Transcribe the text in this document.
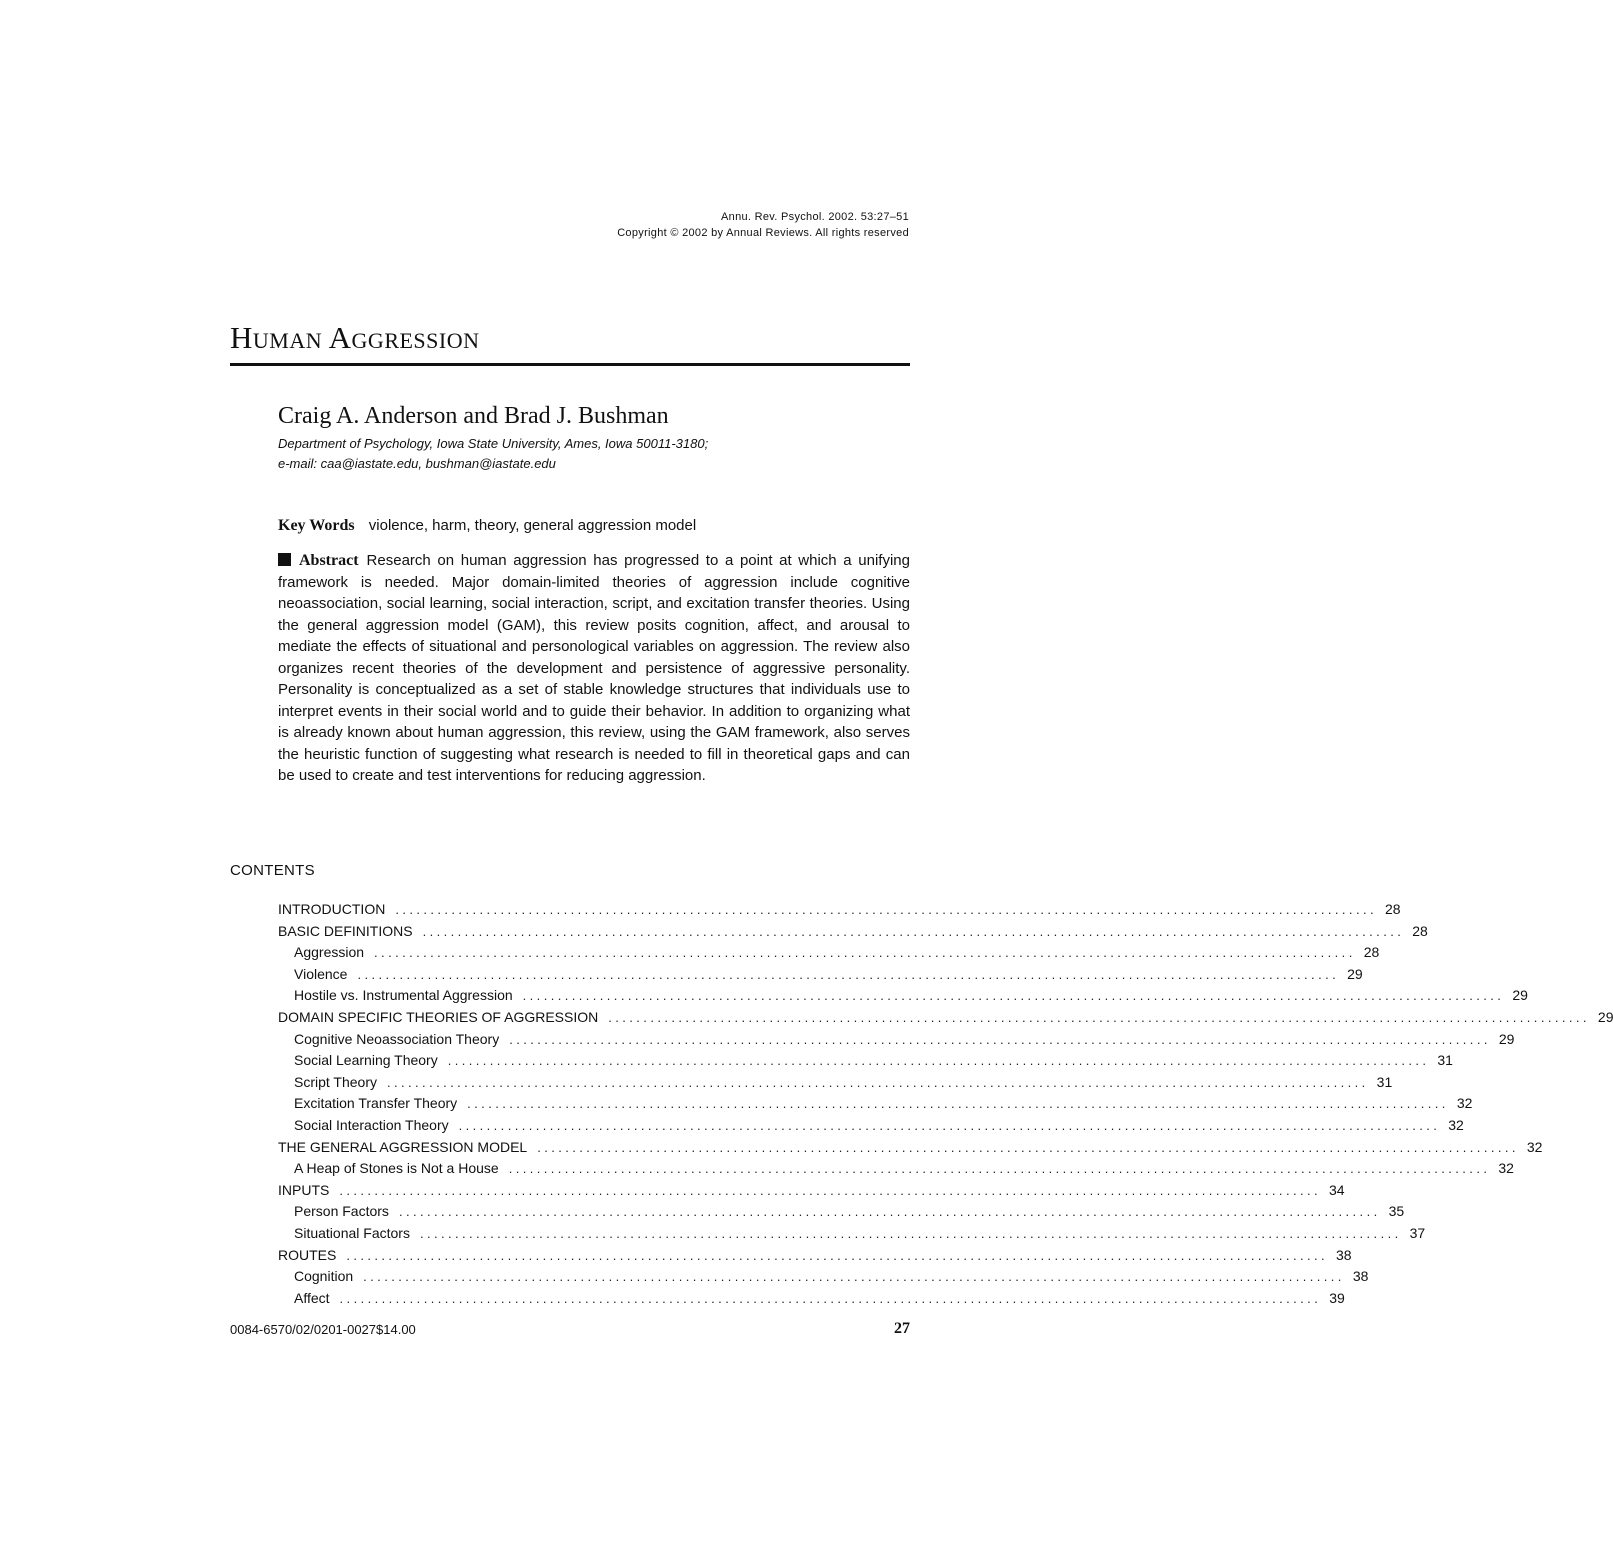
Annu. Rev. Psychol. 2002. 53:27–51
Copyright © 2002 by Annual Reviews. All rights reserved
Human Aggression
Craig A. Anderson and Brad J. Bushman
Department of Psychology, Iowa State University, Ames, Iowa 50011-3180;
e-mail: caa@iastate.edu, bushman@iastate.edu
Key Words violence, harm, theory, general aggression model
Abstract Research on human aggression has progressed to a point at which a unifying framework is needed. Major domain-limited theories of aggression include cognitive neoassociation, social learning, social interaction, script, and excitation transfer theories. Using the general aggression model (GAM), this review posits cognition, affect, and arousal to mediate the effects of situational and personological variables on aggression. The review also organizes recent theories of the development and persistence of aggressive personality. Personality is conceptualized as a set of stable knowledge structures that individuals use to interpret events in their social world and to guide their behavior. In addition to organizing what is already known about human aggression, this review, using the GAM framework, also serves the heuristic function of suggesting what research is needed to fill in theoretical gaps and can be used to create and test interventions for reducing aggression.
CONTENTS
INTRODUCTION ............................................................................................................................................ 28
BASIC DEFINITIONS ............................................................................................................................................ 28
Aggression ............................................................................................................................................ 28
Violence ............................................................................................................................................ 29
Hostile vs. Instrumental Aggression ............................................................................................................................................ 29
DOMAIN SPECIFIC THEORIES OF AGGRESSION ............................................................................................................................................ 29
Cognitive Neoassociation Theory ............................................................................................................................................ 29
Social Learning Theory ............................................................................................................................................ 31
Script Theory ............................................................................................................................................ 31
Excitation Transfer Theory ............................................................................................................................................ 32
Social Interaction Theory ............................................................................................................................................ 32
THE GENERAL AGGRESSION MODEL ............................................................................................................................................ 32
A Heap of Stones is Not a House ............................................................................................................................................ 32
INPUTS ............................................................................................................................................ 34
Person Factors ............................................................................................................................................ 35
Situational Factors ............................................................................................................................................ 37
ROUTES ............................................................................................................................................ 38
Cognition ............................................................................................................................................ 38
Affect ............................................................................................................................................ 39
0084-6570/02/0201-0027$14.00	27
